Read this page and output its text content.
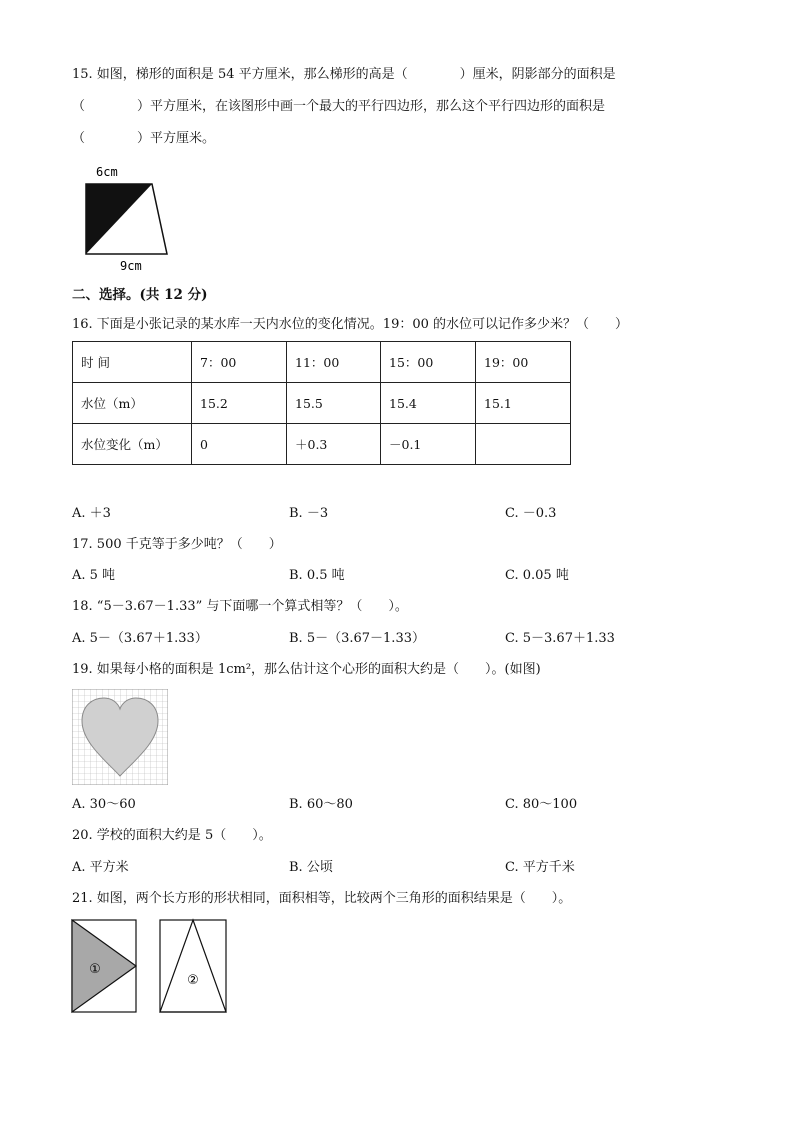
15. 如图，梯形的面积是 54 平方厘米，那么梯形的高是（　　　　）厘米，阴影部分的面积是
（　　　　）平方厘米，在该图形中画一个最大的平行四边形，那么这个平行四边形的面积是
（　　　　）平方厘米。
6cm
9cm
二、选择。(共 12 分)
16. 下面是小张记录的某水库一天内水位的变化情况。19：00 的水位可以记作多少米？（　　）
时 间	7：00	11：00	15：00	19：00
水位（m）	15.2	15.5	15.4	15.1
水位变化（m）	0	＋0.3	－0.1	
A. ＋3	B. －3	C. －0.3
17. 500 千克等于多少吨？（　　）
A. 5 吨	B. 0.5 吨	C. 0.05 吨
18. “5－3.67－1.33” 与下面哪一个算式相等？（　　）。
A. 5－（3.67＋1.33）	B. 5－（3.67－1.33）	C. 5－3.67＋1.33
19. 如果每小格的面积是 1cm²，那么估计这个心形的面积大约是（　　）。(如图)
A. 30～60	B. 60～80	C. 80～100
20. 学校的面积大约是 5（　　）。
A. 平方米	B. 公顷	C. 平方千米
21. 如图，两个长方形的形状相同，面积相等，比较两个三角形的面积结果是（　　）。
①
②
